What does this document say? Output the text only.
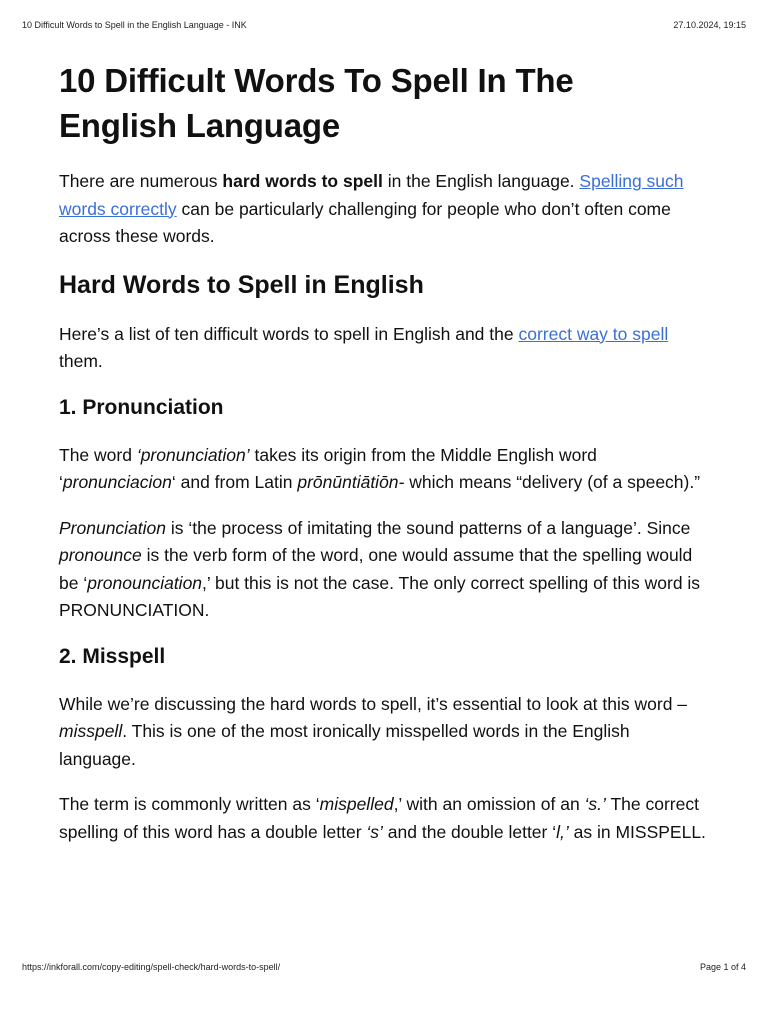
10 Difficult Words to Spell in the English Language - INK	27.10.2024, 19:15
10 Difficult Words To Spell In The
English Language

There are numerous hard words to spell in the English language. Spelling such words correctly can be particularly challenging for people who don’t often come across these words.

Hard Words to Spell in English

Here’s a list of ten difficult words to spell in English and the correct way to spell them.

1. Pronunciation

The word ‘pronunciation’ takes its origin from the Middle English word ‘pronunciacion‘ and from Latin prōnūntiātiōn- which means “delivery (of a speech).”

Pronunciation is ‘the process of imitating the sound patterns of a language’. Since pronounce is the verb form of the word, one would assume that the spelling would be ‘pronounciation,’ but this is not the case. The only correct spelling of this word is PRONUNCIATION.

2. Misspell

While we’re discussing the hard words to spell, it’s essential to look at this word – misspell. This is one of the most ironically misspelled words in the English language.

The term is commonly written as ‘mispelled,’ with an omission of an ‘s.’ The correct spelling of this word has a double letter ‘s’ and the double letter ‘l,’ as in MISSPELL.

https://inkforall.com/copy-editing/spell-check/hard-words-to-spell/	Page 1 of 4
